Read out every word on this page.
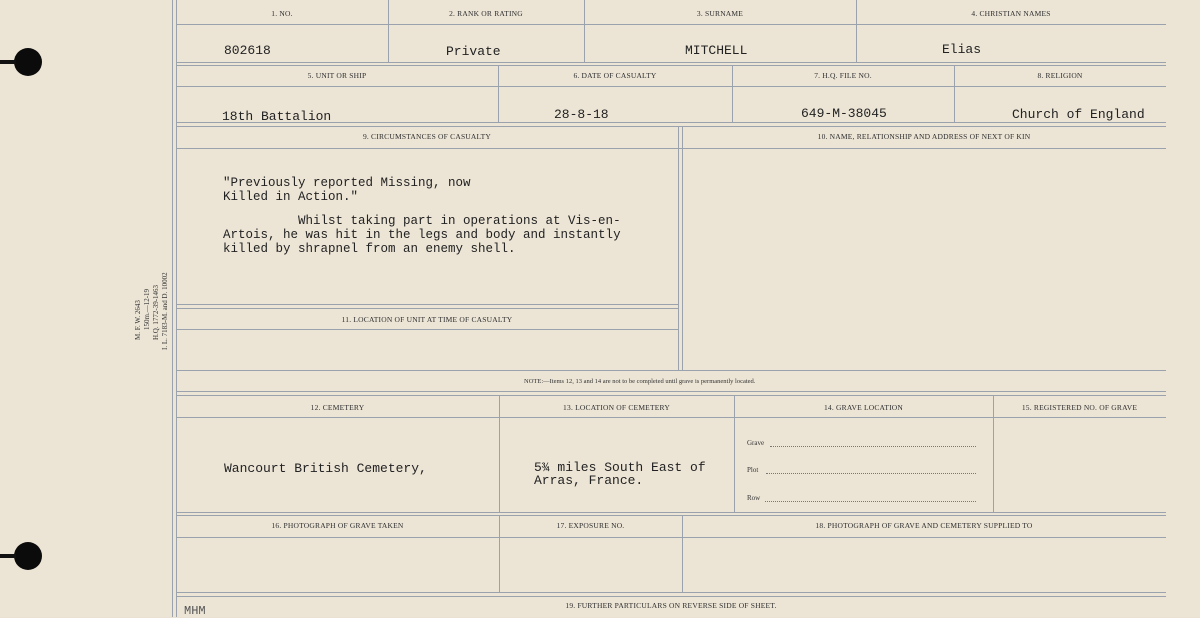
M. F. W. 2643 150m.—12-19 H.Q. 1772-39-1463 I. L. 7183-M. and D. 10002
1. NO.	2. RANK OR RATING	3. SURNAME	4. CHRISTIAN NAMES
802618	Private	MITCHELL	Elias
5. UNIT OR SHIP	6. DATE OF CASUALTY	7. H.Q. FILE NO.	8. RELIGION
18th Battalion	28-8-18	649-M-38045	Church of England
9. CIRCUMSTANCES OF CASUALTY	10. NAME, RELATIONSHIP AND ADDRESS OF NEXT OF KIN
"Previously reported Missing, now
Killed in Action."
Whilst taking part in operations at Vis-en-
Artois, he was hit in the legs and body and instantly
killed by shrapnel from an enemy shell.
11. LOCATION OF UNIT AT TIME OF CASUALTY
NOTE:—Items 12, 13 and 14 are not to be completed until grave is permanently located.
12. CEMETERY	13. LOCATION OF CEMETERY	14. GRAVE LOCATION	15. REGISTERED NO. OF GRAVE
Wancourt British Cemetery,	5¾ miles South East of
Arras, France.
Grave
Plot
Row
16. PHOTOGRAPH OF GRAVE TAKEN	17. EXPOSURE NO.	18. PHOTOGRAPH OF GRAVE AND CEMETERY SUPPLIED TO
19. FURTHER PARTICULARS ON REVERSE SIDE OF SHEET.
MHM
